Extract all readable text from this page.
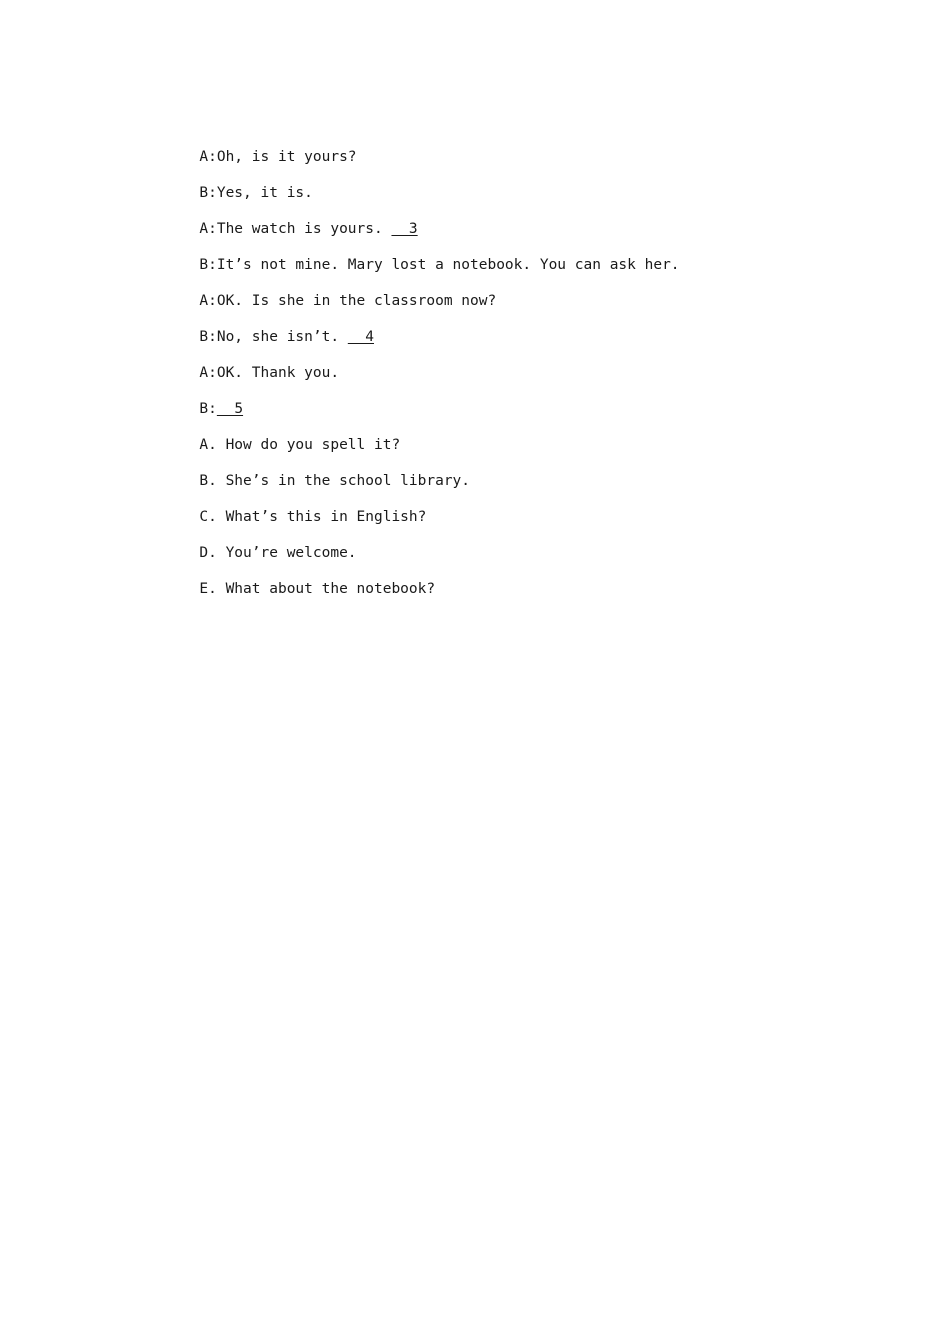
A:Oh, is it yours?

B:Yes, it is.

A:The watch is yours.   3

B:It’s not mine. Mary lost a notebook. You can ask her.

A:OK. Is she in the classroom now?

B:No, she isn’t.   4

A:OK. Thank you.

B:  5

A. How do you spell it?

B. She’s in the school library.

C. What’s this in English?

D. You’re welcome.

E. What about the notebook?
